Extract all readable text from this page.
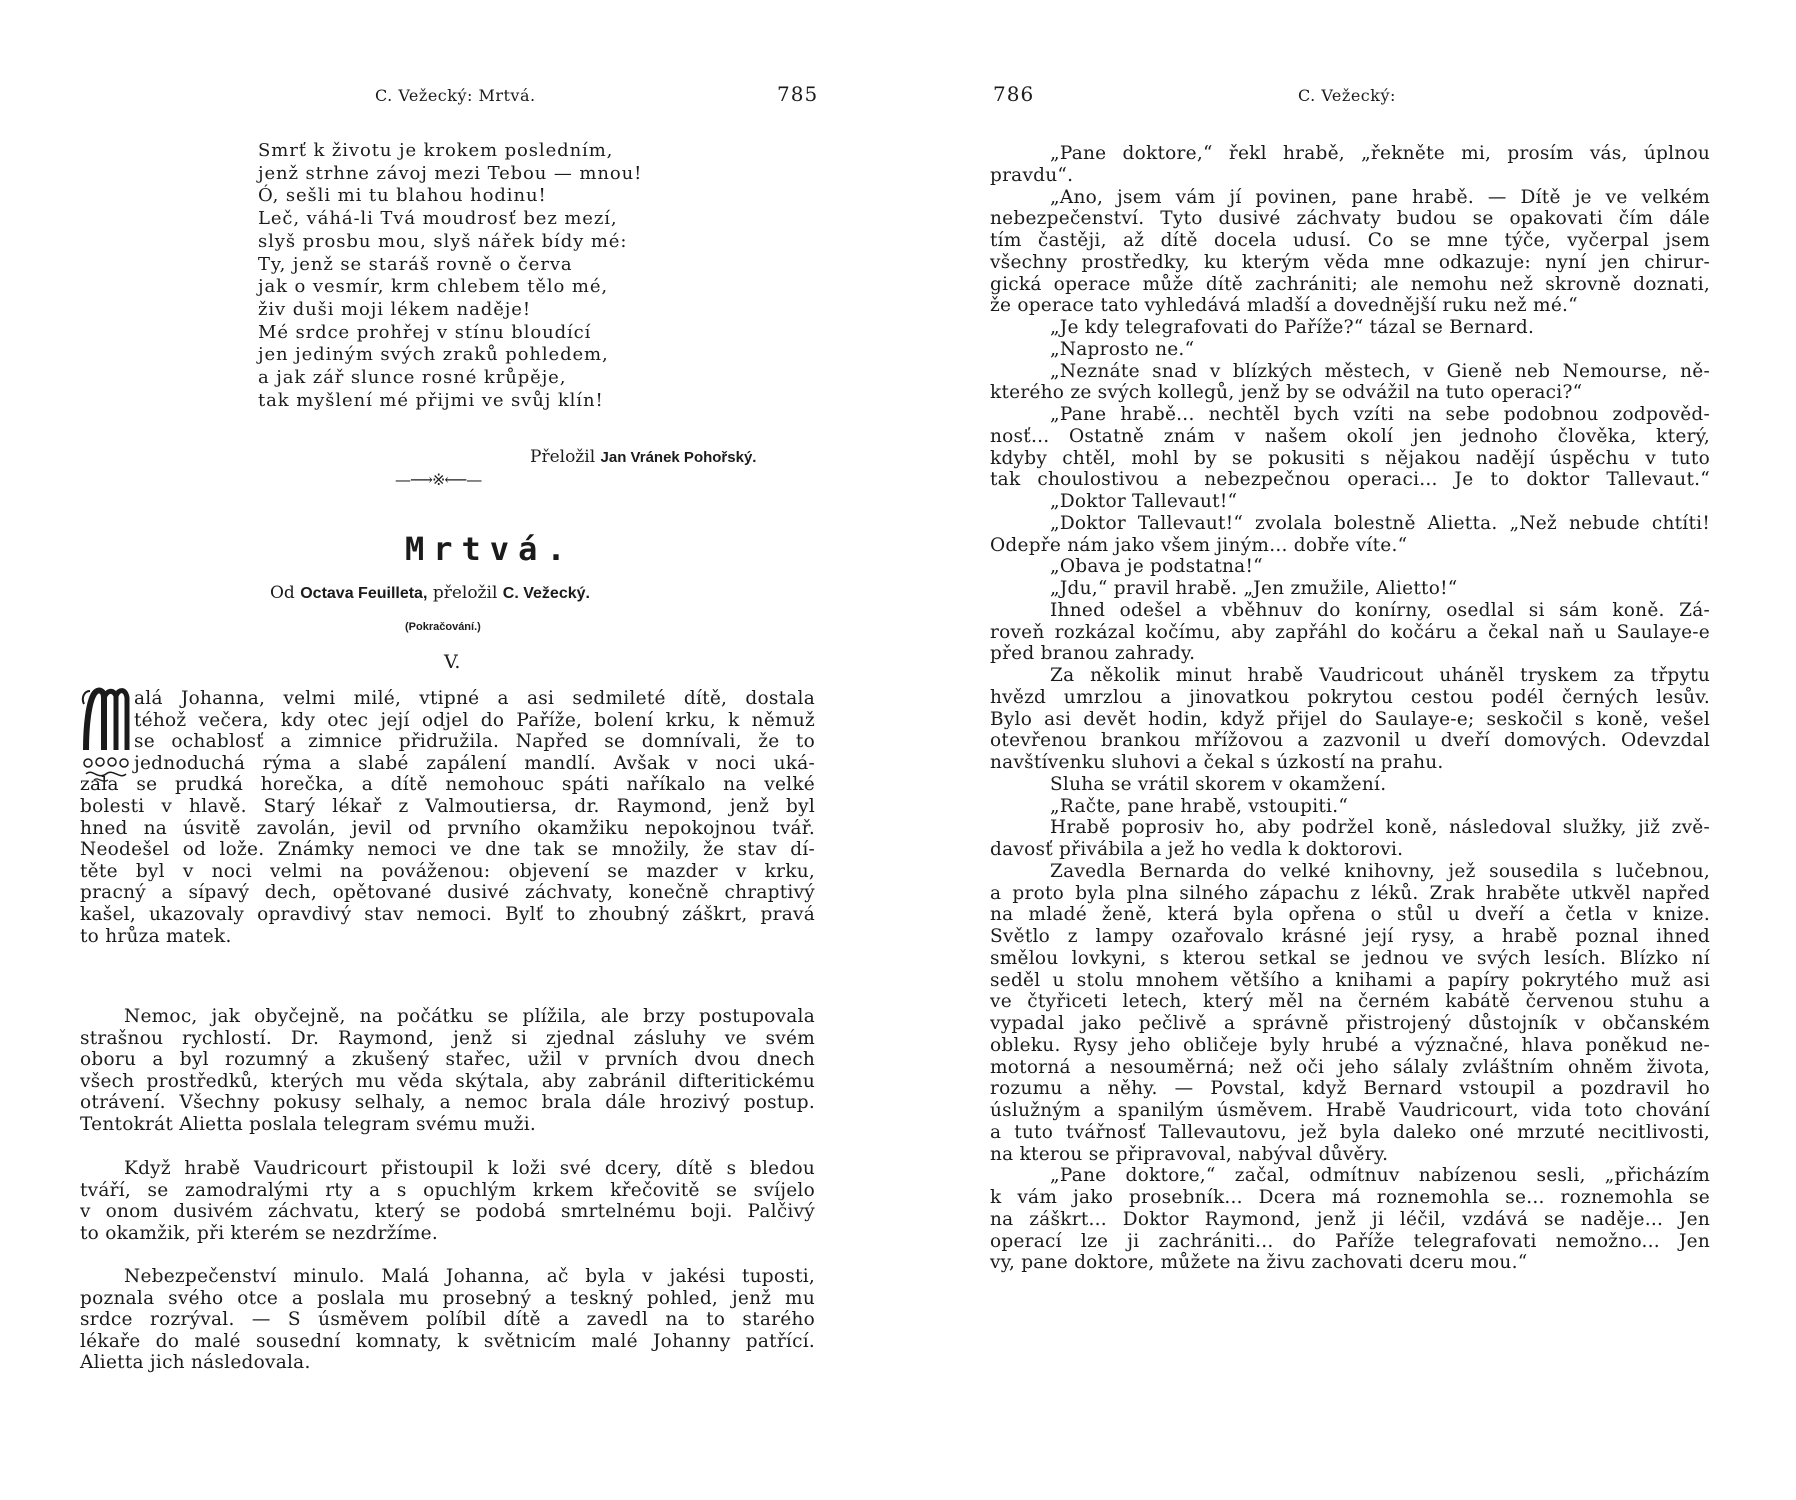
C. Vežecký: Mrtvá.	785
Smrť k životu je krokem posledním,
jenž strhne závoj mezi Tebou — mnou!
Ó, sešli mi tu blahou hodinu!
Leč, váhá-li Tvá moudrosť bez mezí,
slyš prosbu mou, slyš nářek bídy mé:
Ty, jenž se staráš rovně o červa
jak o vesmír, krm chlebem tělo mé,
živ duši moji lékem naděje!
Mé srdce prohřej v stínu bloudící
jen jediným svých zraků pohledem,
a jak zář slunce rosné krůpěje,
tak myšlení mé přijmi ve svůj klín!
Přeložil Jan Vránek Pohořský.
—⟶※⟵—
Mrtvá.
Od Octava Feuilleta, přeložil C. Vežecký.
(Pokračování.)
V.
alá Johanna, velmi milé, vtipné a asi sedmileté dítě, dostala
téhož večera, kdy otec její odjel do Paříže, bolení krku, k němuž
se ochablosť a zimnice přidružila. Napřed se domnívali, že to
jednoduchá rýma a slabé zapálení mandlí. Avšak v noci uká-
zala se prudká horečka, a dítě nemohouc spáti naříkalo na velké
bolesti v hlavě. Starý lékař z Valmoutiersa, dr. Raymond, jenž byl
hned na úsvitě zavolán, jevil od prvního okamžiku nepokojnou tvář.
Neodešel od lože. Známky nemoci ve dne tak se množily, že stav dí-
těte byl v noci velmi na pováženou: objevení se mazder v krku,
pracný a sípavý dech, opětované dusivé záchvaty, konečně chraptivý
kašel, ukazovaly opravdivý stav nemoci. Bylť to zhoubný záškrt, pravá
to hrůza matek.
Nemoc, jak obyčejně, na počátku se plížila, ale brzy postupovala
strašnou rychlostí. Dr. Raymond, jenž si zjednal zásluhy ve svém
oboru a byl rozumný a zkušený stařec, užil v prvních dvou dnech
všech prostředků, kterých mu věda skýtala, aby zabránil difteritickému
otrávení. Všechny pokusy selhaly, a nemoc brala dále hrozivý postup.
Tentokrát Alietta poslala telegram svému muži.
Když hrabě Vaudricourt přistoupil k loži své dcery, dítě s bledou
tváří, se zamodralými rty a s opuchlým krkem křečovitě se svíjelo
v onom dusivém záchvatu, který se podobá smrtelnému boji. Palčivý
to okamžik, při kterém se nezdržíme.
Nebezpečenství minulo. Malá Johanna, ač byla v jakési tuposti,
poznala svého otce a poslala mu prosebný a teskný pohled, jenž mu
srdce rozrýval. — S úsměvem políbil dítě a zavedl na to starého
lékaře do malé sousední komnaty, k světnicím malé Johanny patřící.
Alietta jich následovala.
786	C. Vežecký:
„Pane doktore,“ řekl hrabě, „řekněte mi, prosím vás, úplnou
pravdu“.
„Ano, jsem vám jí povinen, pane hrabě. — Dítě je ve velkém
nebezpečenství. Tyto dusivé záchvaty budou se opakovati čím dále
tím častěji, až dítě docela udusí. Co se mne týče, vyčerpal jsem
všechny prostředky, ku kterým věda mne odkazuje: nyní jen chirur-
gická operace může dítě zachrániti; ale nemohu než skrovně doznati,
že operace tato vyhledává mladší a dovednější ruku než mé.“
„Je kdy telegrafovati do Paříže?“ tázal se Bernard.
„Naprosto ne.“
„Neznáte snad v blízkých městech, v Gieně neb Nemourse, ně-
kterého ze svých kollegů, jenž by se odvážil na tuto operaci?“
„Pane hrabě... nechtěl bych vzíti na sebe podobnou zodpověd-
nosť... Ostatně znám v našem okolí jen jednoho člověka, který,
kdyby chtěl, mohl by se pokusiti s nějakou nadějí úspěchu v tuto
tak choulostivou a nebezpečnou operaci... Je to doktor Tallevaut.“
„Doktor Tallevaut!“
„Doktor Tallevaut!“ zvolala bolestně Alietta. „Než nebude chtíti!
Odepře nám jako všem jiným... dobře víte.“
„Obava je podstatna!“
„Jdu,“ pravil hrabě. „Jen zmužile, Alietto!“
Ihned odešel a vběhnuv do konírny, osedlal si sám koně. Zá-
roveň rozkázal kočímu, aby zapřáhl do kočáru a čekal naň u Saulaye-e
před branou zahrady.
Za několik minut hrabě Vaudricout uháněl tryskem za třpytu
hvězd umrzlou a jinovatkou pokrytou cestou podél černých lesův.
Bylo asi devět hodin, když přijel do Saulaye-e; seskočil s koně, vešel
otevřenou brankou mřížovou a zazvonil u dveří domových. Odevzdal
navštívenku sluhovi a čekal s úzkostí na prahu.
Sluha se vrátil skorem v okamžení.
„Račte, pane hrabě, vstoupiti.“
Hrabě poprosiv ho, aby podržel koně, následoval služky, již zvě-
davosť přivábila a jež ho vedla k doktorovi.
Zavedla Bernarda do velké knihovny, jež sousedila s lučebnou,
a proto byla plna silného zápachu z léků. Zrak hraběte utkvěl napřed
na mladé ženě, která byla opřena o stůl u dveří a četla v knize.
Světlo z lampy ozařovalo krásné její rysy, a hrabě poznal ihned
smělou lovkyni, s kterou setkal se jednou ve svých lesích. Blízko ní
seděl u stolu mnohem většího a knihami a papíry pokrytého muž asi
ve čtyřiceti letech, který měl na černém kabátě červenou stuhu a
vypadal jako pečlivě a správně přistrojený důstojník v občanském
obleku. Rysy jeho obličeje byly hrubé a význačné, hlava poněkud ne-
motorná a nesouměrná; než oči jeho sálaly zvláštním ohněm života,
rozumu a něhy. — Povstal, když Bernard vstoupil a pozdravil ho
úslužným a spanilým úsměvem. Hrabě Vaudricourt, vida toto chování
a tuto tvářnosť Tallevautovu, jež byla daleko oné mrzuté necitlivosti,
na kterou se připravoval, nabýval důvěry.
„Pane doktore,“ začal, odmítnuv nabízenou sesli, „přicházím
k vám jako prosebník... Dcera má roznemohla se... roznemohla se
na záškrt... Doktor Raymond, jenž ji léčil, vzdává se naděje... Jen
operací lze ji zachrániti... do Paříže telegrafovati nemožno... Jen
vy, pane doktore, můžete na živu zachovati dceru mou.“
